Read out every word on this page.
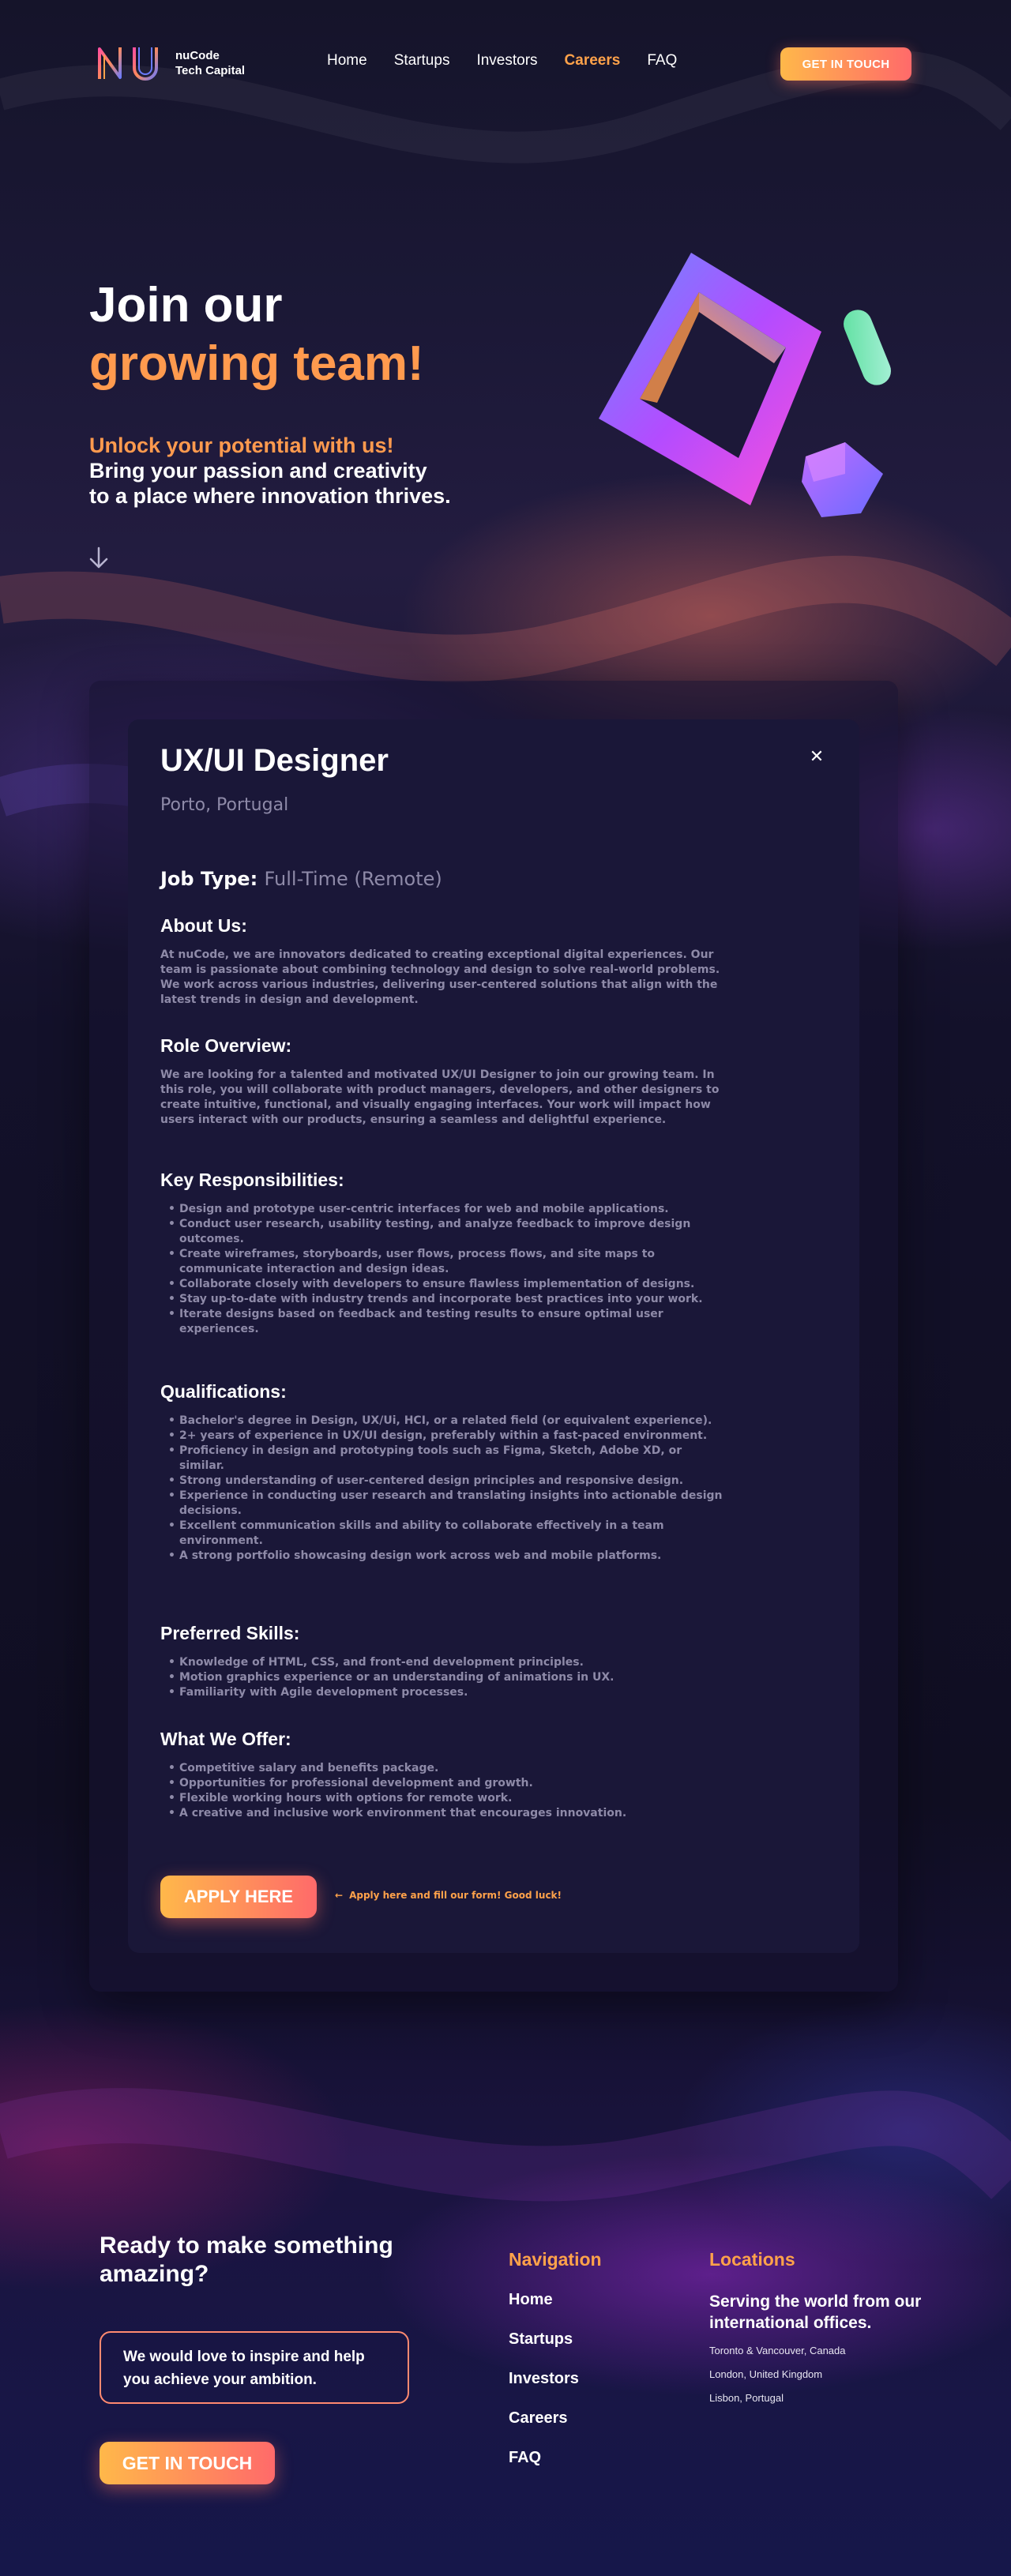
nuCode
Tech Capital
Home Startups Investors Careers FAQ	GET IN TOUCH
Join our
growing team!
Unlock your potential with us!
Bring your passion and creativity
to a place where innovation thrives.
UX/UI Designer	✕
Porto, Portugal
Job Type: Full-Time (Remote)
About Us:

At nuCode, we are innovators dedicated to creating exceptional digital experiences. Our team is passionate about combining technology and design to solve real-world problems. We work across various industries, delivering user-centered solutions that align with the latest trends in design and development.

Role Overview:

We are looking for a talented and motivated UX/UI Designer to join our growing team. In this role, you will collaborate with product managers, developers, and other designers to create intuitive, functional, and visually engaging interfaces. Your work will impact how users interact with our products, ensuring a seamless and delightful experience.

Key Responsibilities:
• Design and prototype user-centric interfaces for web and mobile applications.
• Conduct user research, usability testing, and analyze feedback to improve design outcomes.
• Create wireframes, storyboards, user flows, process flows, and site maps to communicate interaction and design ideas.
• Collaborate closely with developers to ensure flawless implementation of designs.
• Stay up-to-date with industry trends and incorporate best practices into your work.
• Iterate designs based on feedback and testing results to ensure optimal user experiences.
Qualifications:
• Bachelor's degree in Design, UX/Ui, HCI, or a related field (or equivalent experience).
• 2+ years of experience in UX/UI design, preferably within a fast-paced environment.
• Proficiency in design and prototyping tools such as Figma, Sketch, Adobe XD, or similar.
• Strong understanding of user-centered design principles and responsive design.
• Experience in conducting user research and translating insights into actionable design decisions.
• Excellent communication skills and ability to collaborate effectively in a team environment.
• A strong portfolio showcasing design work across web and mobile platforms.
Preferred Skills:
• Knowledge of HTML, CSS, and front-end development principles.
• Motion graphics experience or an understanding of animations in UX.
• Familiarity with Agile development processes.
What We Offer:
• Competitive salary and benefits package.
• Opportunities for professional development and growth.
• Flexible working hours with options for remote work.
• A creative and inclusive work environment that encourages innovation.
APPLY HERE	← Apply here and fill our form! Good luck!
Ready to make something amazing?
We would love to inspire and help you achieve your ambition.
GET IN TOUCH
Navigation
Home
Startups
Investors
Careers
FAQ
Locations
Serving the world from our international offices.
Toronto & Vancouver, Canada
London, United Kingdom
Lisbon, Portugal
